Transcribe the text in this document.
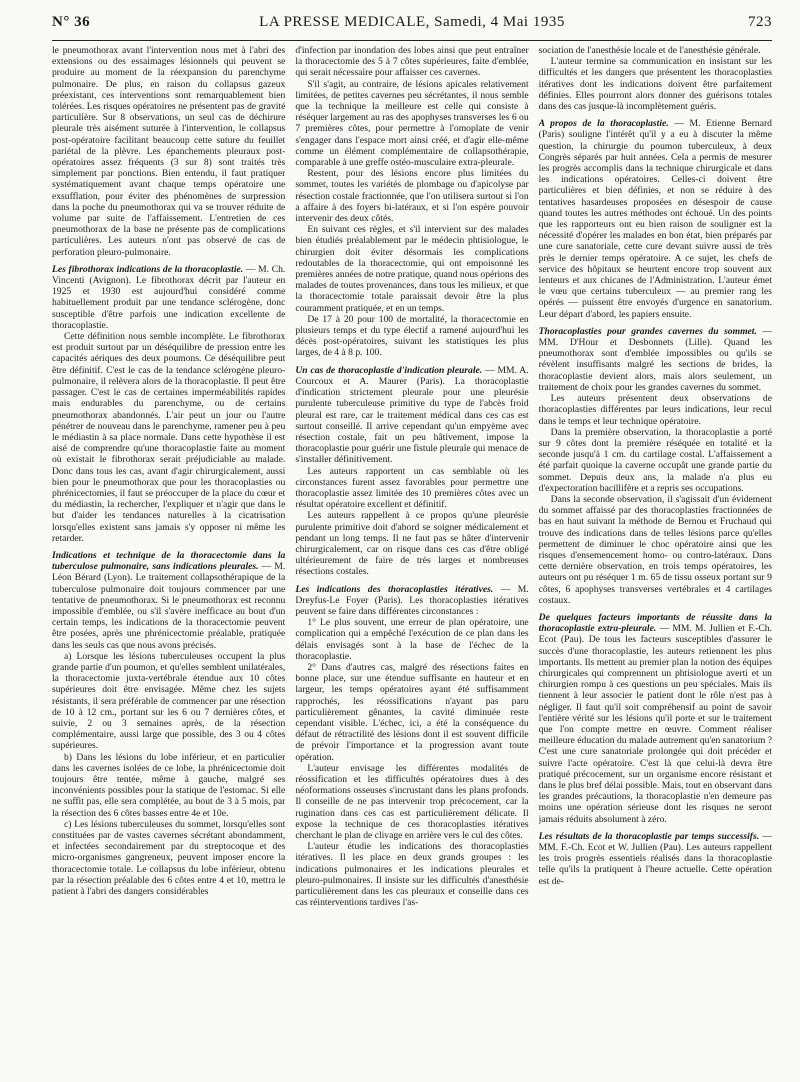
N° 36	LA PRESSE MEDICALE, Samedi, 4 Mai 1935	723

le pneumothorax avant l'intervention nous met à l'abri des extensions ou des essaimages lésionnels qui peuvent se produire au moment de la réexpansion du parenchyme pulmonaire. De plus, en raison du collapsus gazeux préexistant, ces interventions sont remarquablement bien tolérées. Les risques opératoires ne présentent pas de gravité particulière. Sur 8 observations, un seul cas de déchirure pleurale très aisément suturée à l'intervention, le collapsus post-opératoire facilitant beaucoup cette suture du feuillet pariétal de la plèvre. Les épanchements pleuraux post-opératoires assez fréquents (3 sur 8) sont traités très simplement par ponctions. Bien entendu, il faut pratiquer systématiquement avant chaque temps opératoire une exsufflation, pour éviter des phénomènes de surpression dans la poche du pneumothorax qui va se trouver réduite de volume par suite de l'affaissement. L'entretien de ces pneumothorax de la base ne présente pas de complications particulières. Les auteurs n'ont pas observé de cas de perforation pleuro-pulmonaire.

Les fibrothorax indications de la thoracoplastie. — M. Ch. Vincenti (Avignon). Le fibrothorax décrit par l'auteur en 1925 et 1930 est aujourd'hui considéré comme habituellement produit par une tendance sclérogène, donc susceptible d'être parfois une indication excellente de thoracoplastie.

Cette définition nous semble incomplète. Le fibrothorax est produit surtout par un déséquilibre de pression entre les capacités aériques des deux poumons. Ce déséquilibre peut être définitif. C'est le cas de la tendance sclérogène pleuro-pulmonaire, il relèvera alors de la thoracoplastie. Il peut être passager. C'est le cas de certaines imperméabilités rapides mais endurables du parenchyme, ou de certains pneumothorax abandonnés. L'air peut un jour ou l'autre pénétrer de nouveau dans le parenchyme, ramener peu à peu le médiastin à sa place normale. Dans cette hypothèse il est aisé de comprendre qu'une thoracoplastie faite au moment où existait le fibrothorax serait préjudiciable au malade. Donc dans tous les cas, avant d'agir chirurgicalement, aussi bien pour le pneumothorax que pour les thoracoplasties ou phrénicectomies, il faut se préoccuper de la place du cœur et du médiastin, la rechercher, l'expliquer et n'agir que dans le but d'aider les tendances naturelles à la cicatrisation lorsqu'elles existent sans jamais s'y opposer ni même les retarder.

Indications et technique de la thoracectomie dans la tuberculose pulmonaire, sans indications pleurales. — M. Léon Bérard (Lyon). Le traitement collapsothérapique de la tuberculose pulmonaire doit toujours commencer par une tentative de pneumothorax. Si le pneumothorax est reconnu impossible d'emblée, ou s'il s'avère inefficace au bout d'un certain temps, les indications de la thoracectomie peuvent être posées, après une phrénicectomie préalable, pratiquée dans les seuls cas que nous avons précisés.

a) Lorsque les lésions tuberculeuses occupent la plus grande partie d'un poumon, et qu'elles semblent unilatérales, la thoracectomie juxta-vertébrale étendue aux 10 côtes supérieures doit être envisagée. Même chez les sujets résistants, il sera préférable de commencer par une résection de 10 à 12 cm., portant sur les 6 ou 7 dernières côtes, et suivie, 2 ou 3 semaines après, de la résection complémentaire, aussi large que possible, des 3 ou 4 côtes supérieures.

b) Dans les lésions du lobe inférieur, et en particulier dans les cavernes isolées de ce lobe, la phrénicectomie doit toujours être tentée, même à gauche, malgré ses inconvénients possibles pour la statique de l'estomac. Si elle ne suffit pas, elle sera complétée, au bout de 3 à 5 mois, par la résection des 6 côtes basses entre 4e et 10e.

c) Les lésions tuberculeuses du sommet, lorsqu'elles sont constituées par de vastes cavernes sécrétant abondamment, et infectées secondairement par du streptocoque et des micro-organismes gangreneux, peuvent imposer encore la thoracectomie totale. Le collapsus du lobe inférieur, obtenu par la résection préalable des 6 côtes entre 4 et 10, mettra le patient à l'abri des dangers considérables

d'infection par inondation des lobes ainsi que peut entraîner la thoracectomie des 5 à 7 côtes supérieures, faite d'emblée, qui serait nécessaire pour affaisser ces cavernes.

S'il s'agit, au contraire, de lésions apicales relativement limitées, de petites cavernes peu sécrétantes, il nous semble que la technique la meilleure est celle qui consiste à réséquer largement au ras des apophyses transverses les 6 ou 7 premières côtes, pour permettre à l'omoplate de venir s'engager dans l'espace mort ainsi créé, et d'agir elle-même comme un élément complémentaire de collapsothérapie, comparable à une greffe ostéo-musculaire extra-pleurale.

Restent, pour des lésions encore plus limitées du sommet, toutes les variétés de plombage ou d'apicolyse par résection costale fractionnée, que l'on utilisera surtout si l'on a affaire à des foyers bi-latéraux, et si l'on espère pouvoir intervenir des deux côtés.

En suivant ces règles, et s'il intervient sur des malades bien étudiés préalablement par le médecin phtisiologue, le chirurgien doit éviter désormais les complications redoutables de la thoracectomie, qui ont empoisonné les premières années de notre pratique, quand nous opérions des malades de toutes provenances, dans tous les milieux, et que la thoracectomie totale paraissait devoir être la plus couramment pratiquée, et en un temps.

De 17 à 20 pour 100 de mortalité, la thoracectomie en plusieurs temps et du type électif a ramené aujourd'hui les décès post-opératoires, suivant les statistiques les plus larges, de 4 à 8 p. 100.

Un cas de thoracoplastie d'indication pleurale. — MM. A. Courcoux et A. Maurer (Paris). La thoracoplastie d'indication strictement pleurale pour une pleurésie purulente tuberculeuse primitive du type de l'abcès froid pleural est rare, car le traitement médical dans ces cas est surtout conseillé. Il arrive cependant qu'un empyème avec résection costale, fait un peu hâtivement, impose la thoracoplastie pour guérir une fistule pleurale qui menace de s'installer définitivement.

Les auteurs rapportent un cas semblable où les circonstances furent assez favorables pour permettre une thoracoplastie assez limitée des 10 premières côtes avec un résultat opératoire excellent et définitif.

Les auteurs rappellent à ce propos qu'une pleurésie purulente primitive doit d'abord se soigner médicalement et pendant un long temps. Il ne faut pas se hâter d'intervenir chirurgicalement, car on risque dans ces cas d'être obligé ultérieurement de faire de très larges et nombreuses résections costales.

Les indications des thoracoplasties itératives. — M. Dreyfus-Le Foyer (Paris). Les thoracoplasties itératives peuvent se faire dans différentes circonstances :

1° Le plus souvent, une erreur de plan opératoire, une complication qui a empêché l'exécution de ce plan dans les délais envisagés sont à la base de l'échec de la thoracoplastie.

2° Dans d'autres cas, malgré des résections faites en bonne place, sur une étendue suffisante en hauteur et en largeur, les temps opératoires ayant été suffisamment rapprochés, les réossifications n'ayant pas paru particulièrement gênantes, la cavité diminuée reste cependant visible. L'échec, ici, a été la conséquence du défaut de rétractilité des lésions dont il est souvent difficile de prévoir l'importance et la progression avant toute opération.

L'auteur envisage les différentes modalités de réossification et les difficultés opératoires dues à des néoformations osseuses s'incrustant dans les plans profonds. Il conseille de ne pas intervenir trop précocement, car la rugination dans ces cas est particulièrement délicate. Il expose la technique de ces thoracoplasties itératives cherchant le plan de clivage en arrière vers le cul des côtes.

L'auteur étudie les indications des thoracoplasties itératives. Il les place en deux grands groupes : les indications pulmonaires et les indications pleurales et pleuro-pulmonaires. Il insiste sur les difficultés d'anesthésie particulièrement dans les cas pleuraux et conseille dans ces cas réinterventions tardives l'as-

sociation de l'anesthésie locale et de l'anesthésie générale.

L'auteur termine sa communication en insistant sur les difficultés et les dangers que présentent les thoracoplasties itératives dont les indications doivent être parfaitement définies. Elles pourront alors donner des guérisons totales dans des cas jusque-là incomplètement guéris.

A propos de la thoracoplastie. — M. Etienne Bernard (Paris) souligne l'intérêt qu'il y a eu à discuter la même question, la chirurgie du poumon tuberculeux, à deux Congrès séparés par huit années. Cela a permis de mesurer les progrès accomplis dans la technique chirurgicale et dans les indications opératoires. Celles-ci doivent être particulières et bien définies, et non se réduire à des tentatives hasardeuses proposées en désespoir de cause quand toutes les autres méthodes ont échoué. Un des points que les rapporteurs ont eu bien raison de souligner est la nécessité d'opérer les malades en bon état, bien préparés par une cure sanatoriale, cette cure devant suivre aussi de très près le dernier temps opératoire. A ce sujet, les chefs de service des hôpitaux se heurtent encore trop souvent aux lenteurs et aux chicanes de l'Administration. L'auteur émet le vœu que certains tuberculeux — au premier rang les opérés — puissent être envoyés d'urgence en sanatorium. Leur départ d'abord, les papiers ensuite.

Thoracoplasties pour grandes cavernes du sommet. — MM. D'Hour et Desbonnets (Lille). Quand les pneumothorax sont d'emblée impossibles ou qu'ils se révèlent insuffisants malgré les sections de brides, la thoracoplastie devient alors, mais alors seulement, un traitement de choix pour les grandes cavernes du sommet.

Les auteurs présentent deux observations de thoracoplasties différentes par leurs indications, leur recul dans le temps et leur technique opératoire.

Dans la première observation, la thoracoplastie a porté sur 9 côtes dont la première réséquée en totalité et la seconde jusqu'à 1 cm. du cartilage costal. L'affaissement a été parfait quoique la caverne occupât une grande partie du sommet. Depuis deux ans, la malade n'a plus eu d'expectoration bacillifère et a repris ses occupations.

Dans la seconde observation, il s'agissait d'un évidement du sommet affaissé par des thoracoplasties fractionnées de bas en haut suivant la méthode de Bernou et Fruchaud qui trouve des indications dans de telles lésions parce qu'elles permettent de diminuer le choc opératoire ainsi que les risques d'ensemencement homo- ou contro-latéraux. Dans cette dernière observation, en trois temps opératoires, les auteurs ont pu réséquer 1 m. 65 de tissu osseux portant sur 9 côtes, 6 apophyses transverses vertébrales et 4 cartilages costaux.

De quelques facteurs importants de réussite dans la thoracoplastie extra-pleurale. — MM. M. Jullien et F.-Ch. Ecot (Pau). De tous les facteurs susceptibles d'assurer le succès d'une thoracoplastie, les auteurs retiennent les plus importants. Ils mettent au premier plan la notion des équipes chirurgicales qui comprennent un phtisiologue averti et un chirurgien rompu à ces questions un peu spéciales. Mais ils tiennent à leur associer le patient dont le rôle n'est pas à négliger. Il faut qu'il soit compréhensif au point de savoir l'entière vérité sur les lésions qu'il porte et sur le traitement que l'on compte mettre en œuvre. Comment réaliser meilleure éducation du malade autrement qu'en sanatorium ? C'est une cure sanatoriale prolongée qui doit précéder et suivre l'acte opératoire. C'est là que celui-là devra être pratiqué précocement, sur un organisme encore résistant et dans le plus bref délai possible. Mais, tout en observant dans les grandes précautions, la thoracoplastie n'en demeure pas moins une opération sérieuse dont les risques ne seront jamais réduits absolument à zéro.

Les résultats de la thoracoplastie par temps successifs. — MM. F.-Ch. Ecot et W. Jullien (Pau). Les auteurs rappellent les trois progrès essentiels réalisés dans la thoracoplastie telle qu'ils la pratiquent à l'heure actuelle. Cette opération est de-
